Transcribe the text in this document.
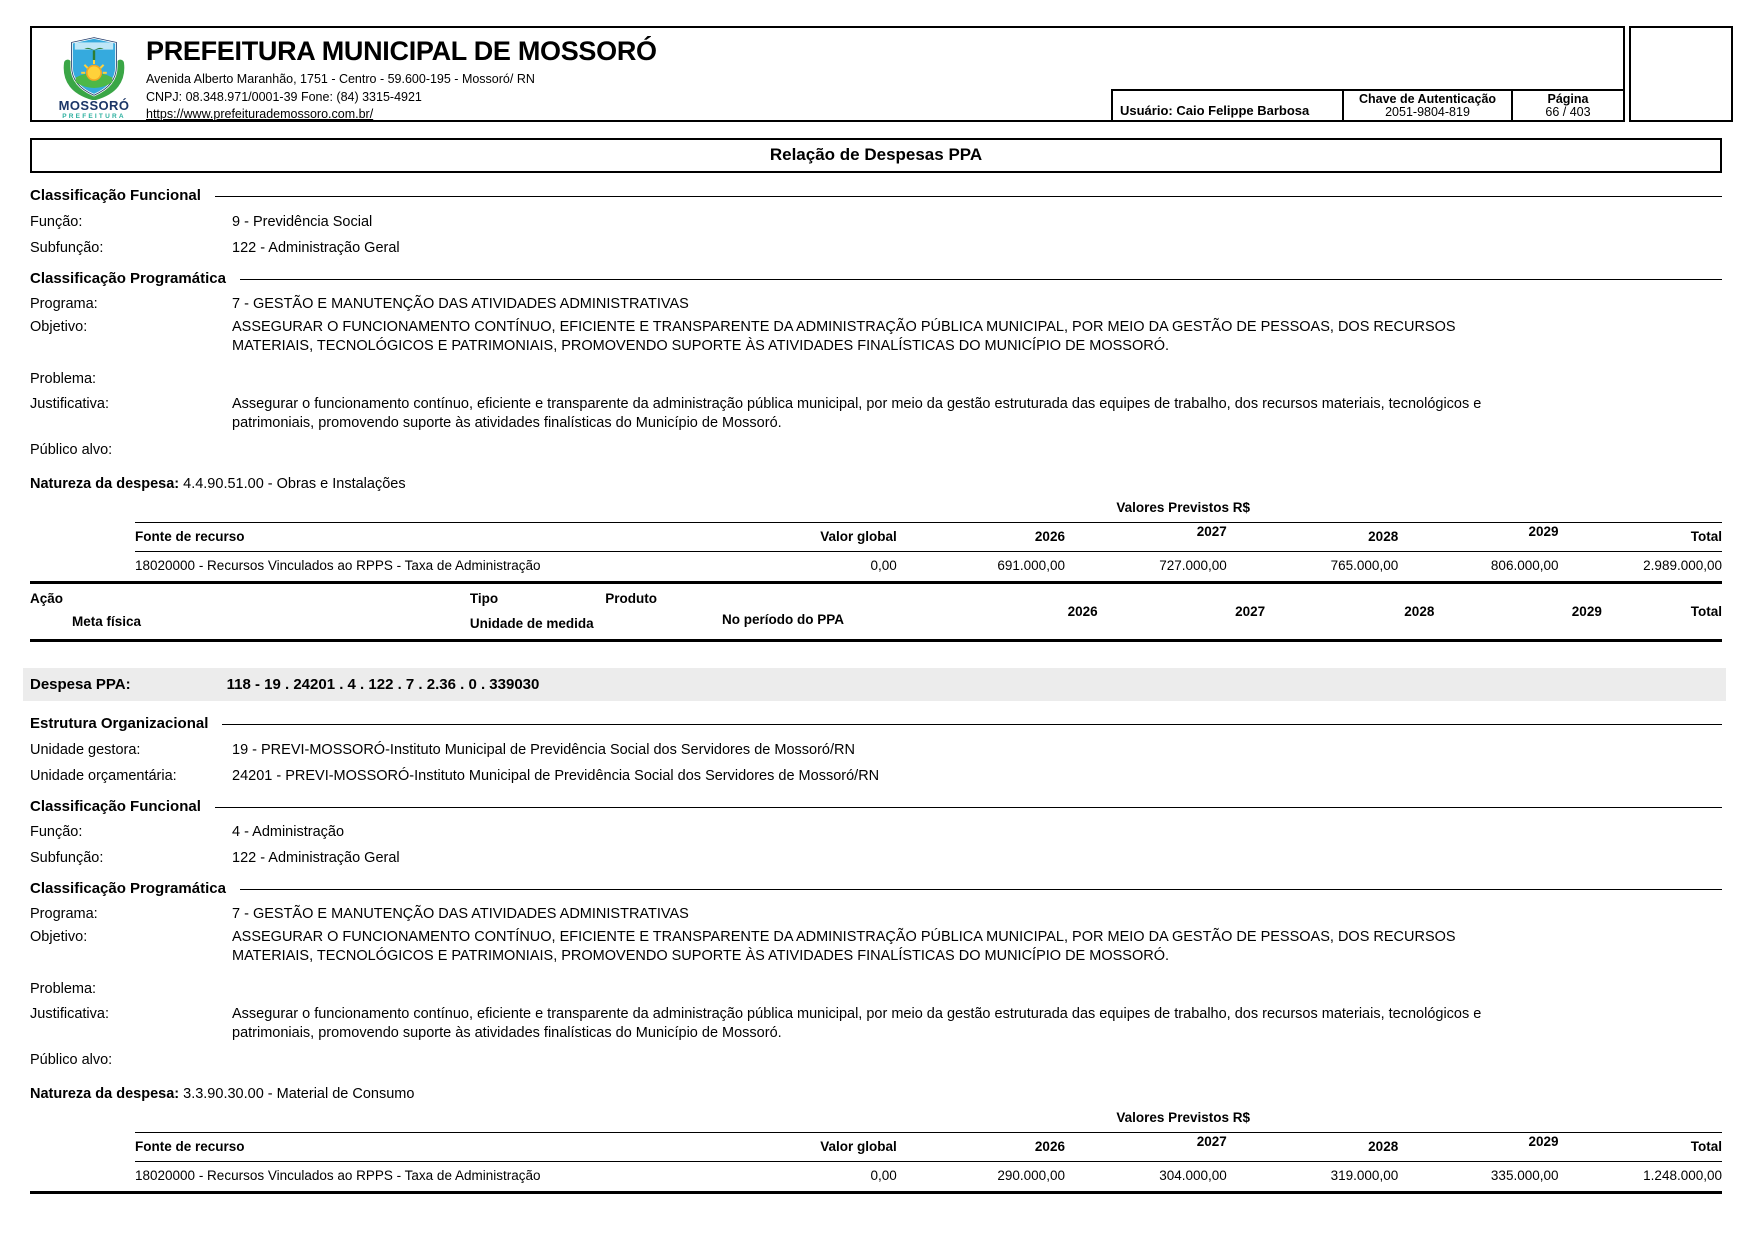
MOSSORÓ
PREFEITURA
PREFEITURA MUNICIPAL DE MOSSORÓ
Avenida Alberto Maranhão, 1751 - Centro - 59.600-195 - Mossoró/ RN
CNPJ: 08.348.971/0001-39 Fone: (84) 3315-4921
https://www.prefeiturademossoro.com.br/	Usuário: Caio Felippe Barbosa
Chave de Autenticação
2051-9804-819
Página
66 / 403
Relação de Despesas PPA
Classificação Funcional
Função:	9 - Previdência Social
Subfunção:	122 - Administração Geral
Classificação Programática
Programa:	7 - GESTÃO E MANUTENÇÃO DAS ATIVIDADES ADMINISTRATIVAS
Objetivo:	ASSEGURAR O FUNCIONAMENTO CONTÍNUO, EFICIENTE E TRANSPARENTE DA ADMINISTRAÇÃO PÚBLICA MUNICIPAL, POR MEIO DA GESTÃO DE PESSOAS, DOS RECURSOS MATERIAIS, TECNOLÓGICOS E PATRIMONIAIS, PROMOVENDO SUPORTE ÀS ATIVIDADES FINALÍSTICAS DO MUNICÍPIO DE MOSSORÓ.
Problema:
Justificativa:	Assegurar o funcionamento contínuo, eficiente e transparente da administração pública municipal, por meio da gestão estruturada das equipes de trabalho, dos recursos materiais, tecnológicos e patrimoniais, promovendo suporte às atividades finalísticas do Município de Mossoró.
Público alvo:
Natureza da despesa: 4.4.90.51.00 - Obras e Instalações
Valores Previstos R$
Fonte de recurso	Valor global	2026	2027	2028	2029	Total
18020000 - Recursos Vinculados ao RPPS - Taxa de Administração	0,00	691.000,00	727.000,00	765.000,00	806.000,00	2.989.000,00
Ação	Tipo	Produto
Meta física	Unidade de medida	No período do PPA
2026	2027	2028	2029	Total
Despesa PPA:	118 - 19 . 24201 . 4 . 122 . 7 . 2.36 . 0 . 339030
Estrutura Organizacional
Unidade gestora:	19 - PREVI-MOSSORÓ-Instituto Municipal de Previdência Social dos Servidores de Mossoró/RN
Unidade orçamentária:	24201 - PREVI-MOSSORÓ-Instituto Municipal de Previdência Social dos Servidores de Mossoró/RN
Classificação Funcional
Função:	4 - Administração
Subfunção:	122 - Administração Geral
Classificação Programática
Programa:	7 - GESTÃO E MANUTENÇÃO DAS ATIVIDADES ADMINISTRATIVAS
Objetivo:	ASSEGURAR O FUNCIONAMENTO CONTÍNUO, EFICIENTE E TRANSPARENTE DA ADMINISTRAÇÃO PÚBLICA MUNICIPAL, POR MEIO DA GESTÃO DE PESSOAS, DOS RECURSOS MATERIAIS, TECNOLÓGICOS E PATRIMONIAIS, PROMOVENDO SUPORTE ÀS ATIVIDADES FINALÍSTICAS DO MUNICÍPIO DE MOSSORÓ.
Problema:
Justificativa:	Assegurar o funcionamento contínuo, eficiente e transparente da administração pública municipal, por meio da gestão estruturada das equipes de trabalho, dos recursos materiais, tecnológicos e patrimoniais, promovendo suporte às atividades finalísticas do Município de Mossoró.
Público alvo:
Natureza da despesa: 3.3.90.30.00 - Material de Consumo
Valores Previstos R$
Fonte de recurso	Valor global	2026	2027	2028	2029	Total
18020000 - Recursos Vinculados ao RPPS - Taxa de Administração	0,00	290.000,00	304.000,00	319.000,00	335.000,00	1.248.000,00
